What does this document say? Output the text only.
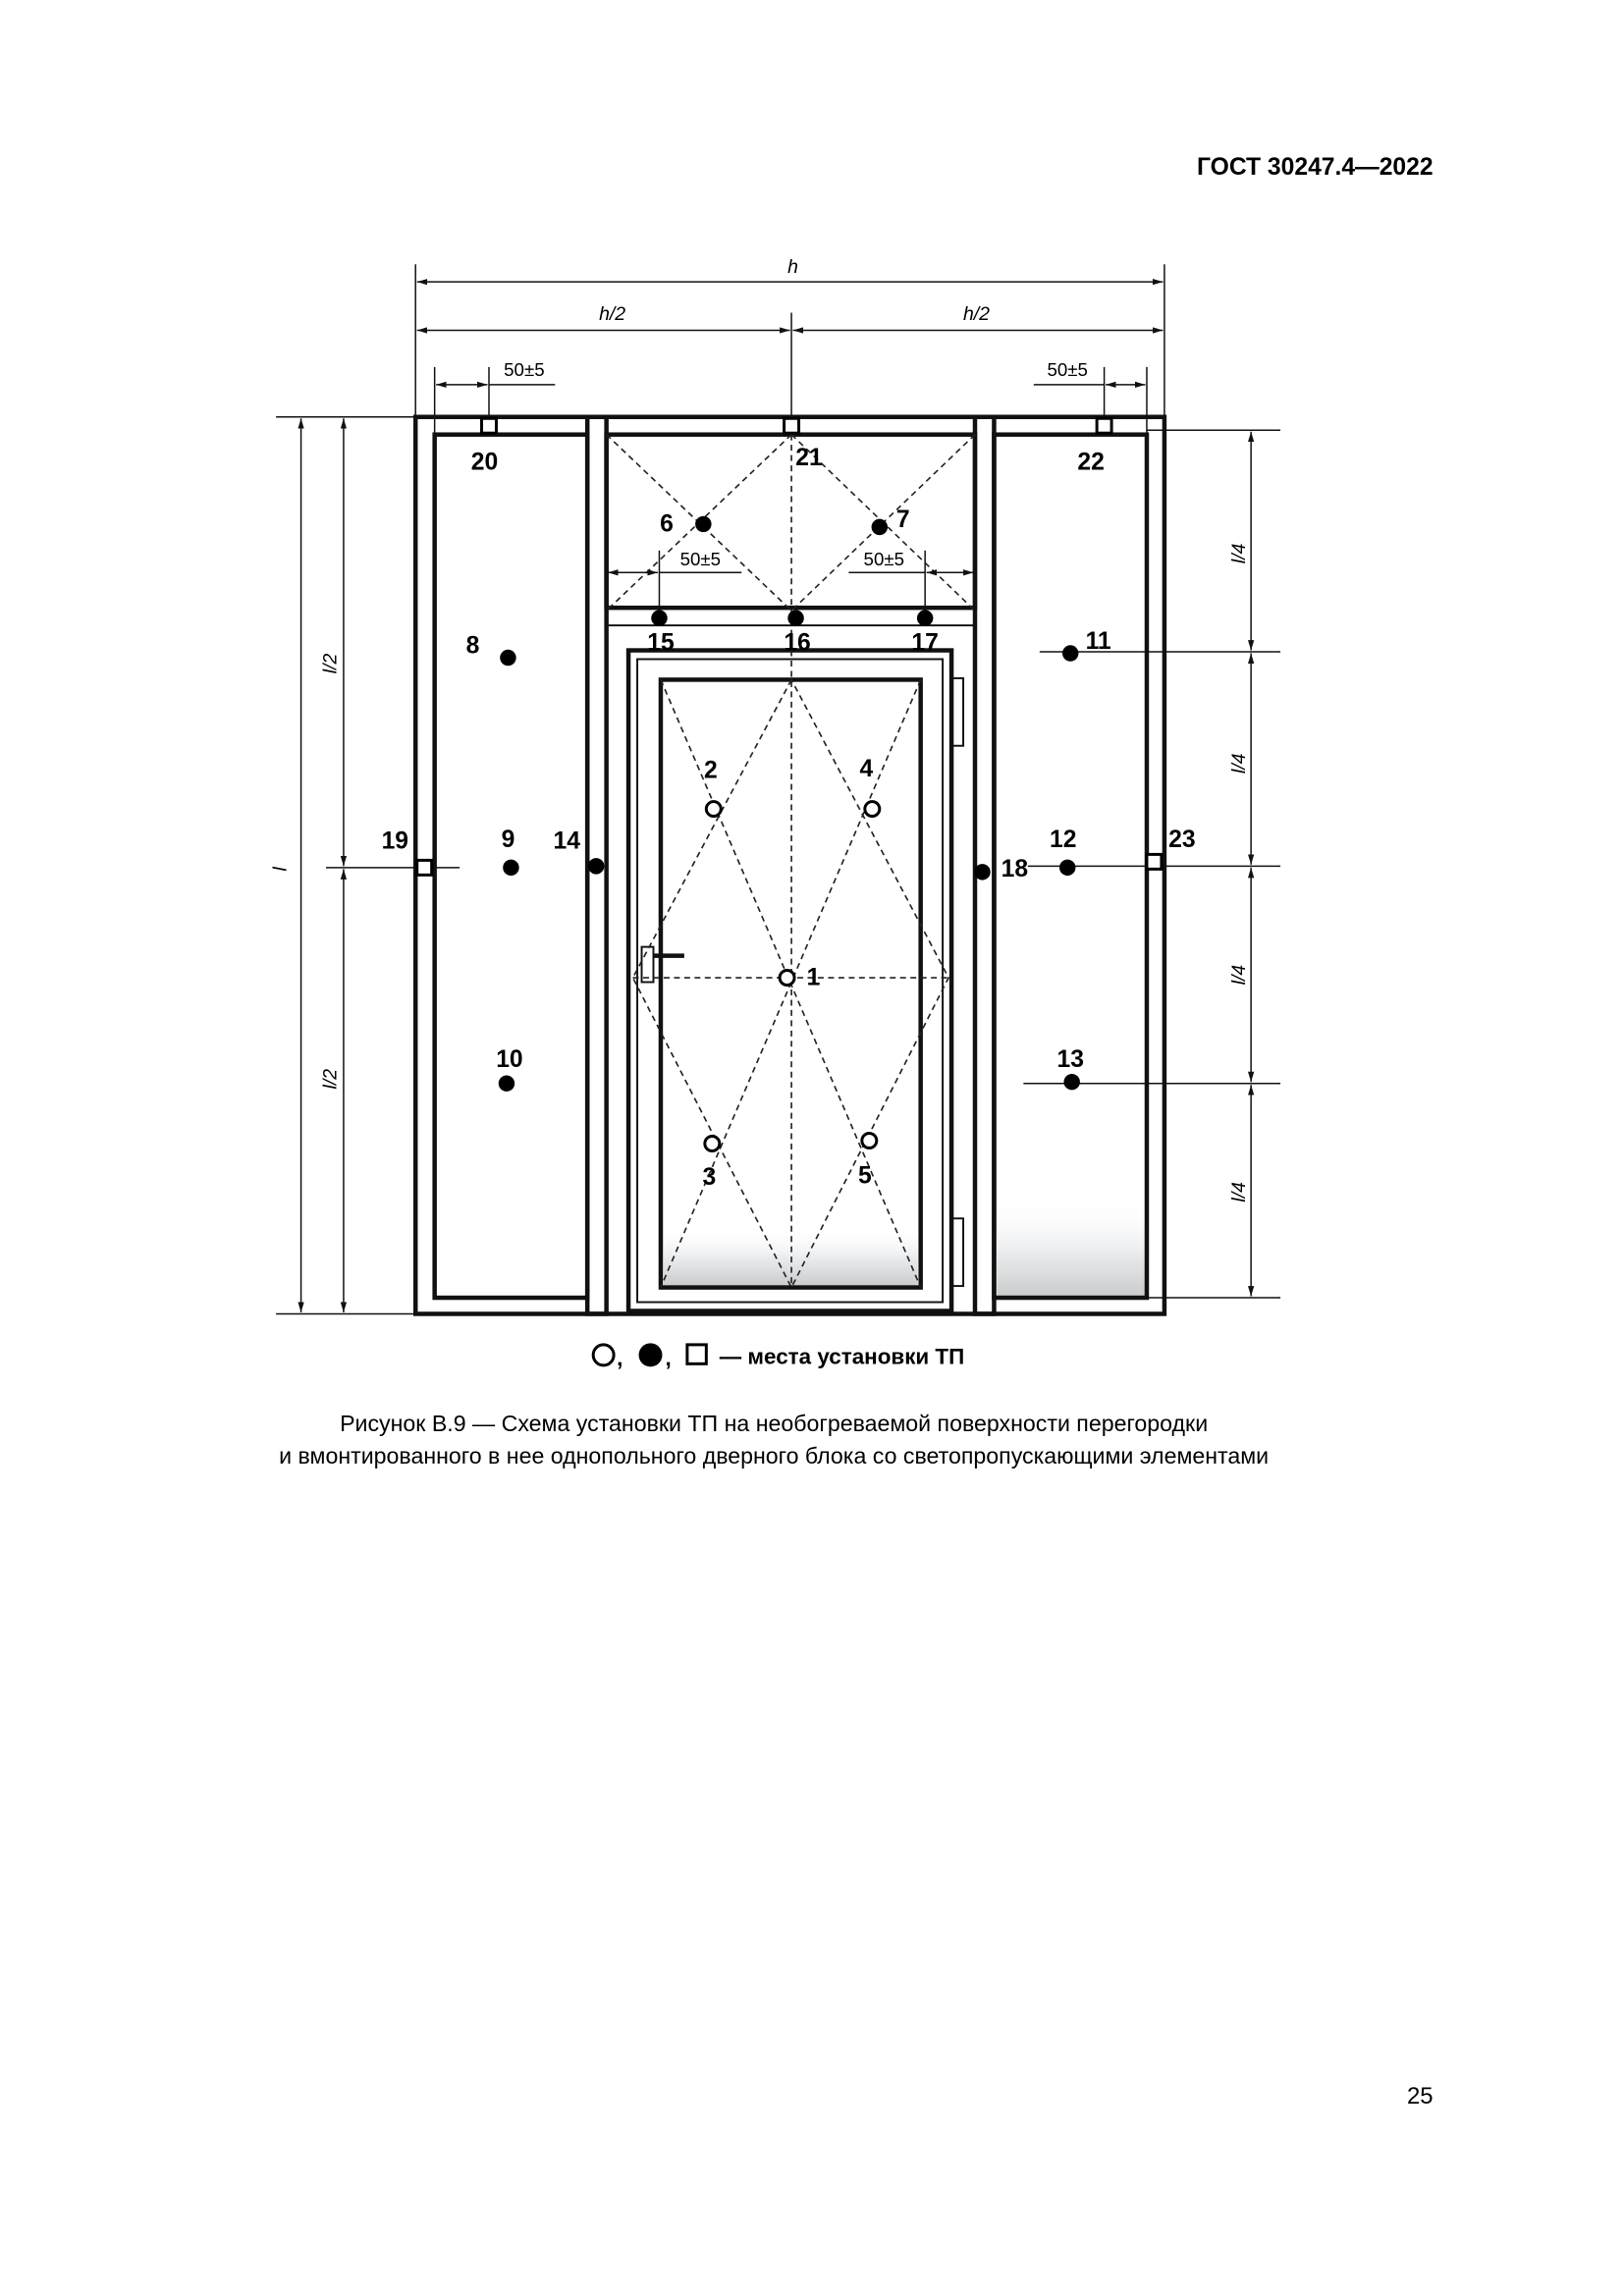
ГОСТ 30247.4—2022
h
h/2	h/2
50±5	50±5
50±5	50±5
l
l/2
l/2
l/4
l/4
l/4
l/4
1
2
3
4
5
6	7
8
9
10
11
12
13
14
15	16	17
18
19
20	21	22
23
,	,	— места установки ТП
Рисунок В.9 — Схема установки ТП на необогреваемой поверхности перегородки
и вмонтированного в нее однопольного дверного блока со светопропускающими элементами
25
